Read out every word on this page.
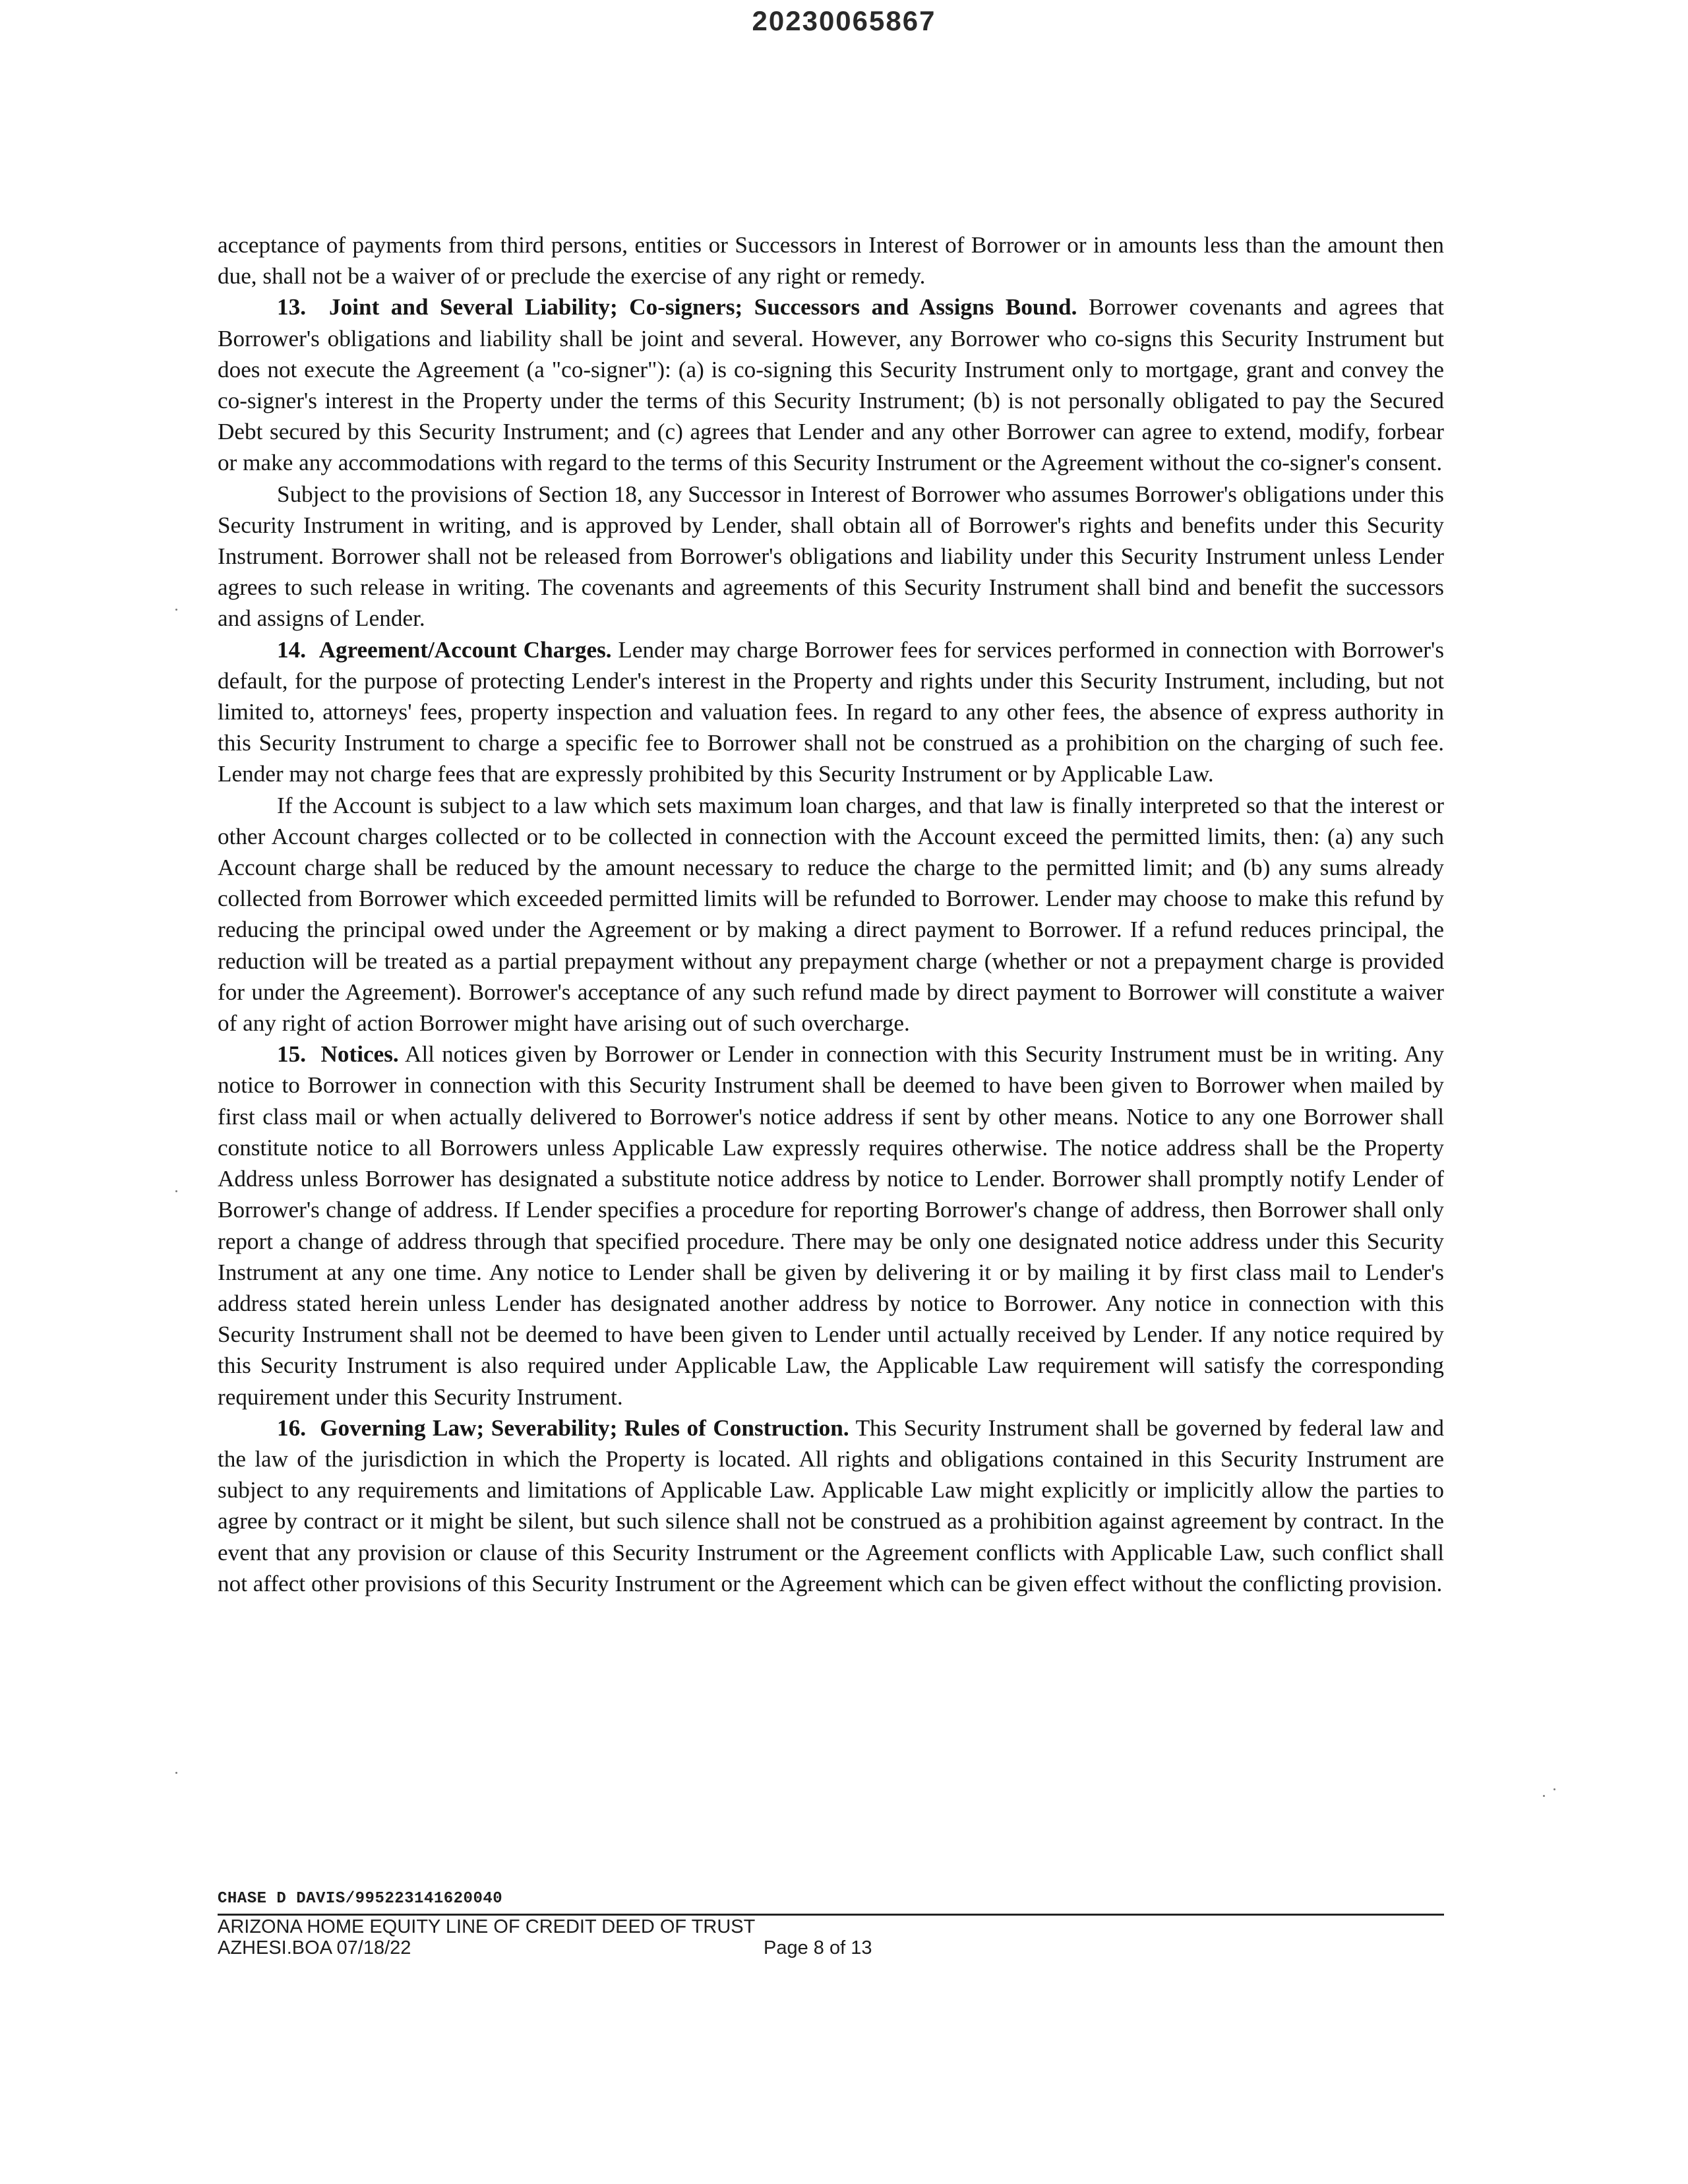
20230065867

acceptance of payments from third persons, entities or Successors in Interest of Borrower or in amounts less than the amount then due, shall not be a waiver of or preclude the exercise of any right or remedy.

13. Joint and Several Liability; Co-signers; Successors and Assigns Bound. Borrower covenants and agrees that Borrower's obligations and liability shall be joint and several. However, any Borrower who co-signs this Security Instrument but does not execute the Agreement (a "co-signer"): (a) is co-signing this Security Instrument only to mortgage, grant and convey the co-signer's interest in the Property under the terms of this Security Instrument; (b) is not personally obligated to pay the Secured Debt secured by this Security Instrument; and (c) agrees that Lender and any other Borrower can agree to extend, modify, forbear or make any accommodations with regard to the terms of this Security Instrument or the Agreement without the co-signer's consent.

Subject to the provisions of Section 18, any Successor in Interest of Borrower who assumes Borrower's obligations under this Security Instrument in writing, and is approved by Lender, shall obtain all of Borrower's rights and benefits under this Security Instrument. Borrower shall not be released from Borrower's obligations and liability under this Security Instrument unless Lender agrees to such release in writing. The covenants and agreements of this Security Instrument shall bind and benefit the successors and assigns of Lender.

14. Agreement/Account Charges. Lender may charge Borrower fees for services performed in connection with Borrower's default, for the purpose of protecting Lender's interest in the Property and rights under this Security Instrument, including, but not limited to, attorneys' fees, property inspection and valuation fees. In regard to any other fees, the absence of express authority in this Security Instrument to charge a specific fee to Borrower shall not be construed as a prohibition on the charging of such fee. Lender may not charge fees that are expressly prohibited by this Security Instrument or by Applicable Law.

If the Account is subject to a law which sets maximum loan charges, and that law is finally interpreted so that the interest or other Account charges collected or to be collected in connection with the Account exceed the permitted limits, then: (a) any such Account charge shall be reduced by the amount necessary to reduce the charge to the permitted limit; and (b) any sums already collected from Borrower which exceeded permitted limits will be refunded to Borrower. Lender may choose to make this refund by reducing the principal owed under the Agreement or by making a direct payment to Borrower. If a refund reduces principal, the reduction will be treated as a partial prepayment without any prepayment charge (whether or not a prepayment charge is provided for under the Agreement). Borrower's acceptance of any such refund made by direct payment to Borrower will constitute a waiver of any right of action Borrower might have arising out of such overcharge.

15. Notices. All notices given by Borrower or Lender in connection with this Security Instrument must be in writing. Any notice to Borrower in connection with this Security Instrument shall be deemed to have been given to Borrower when mailed by first class mail or when actually delivered to Borrower's notice address if sent by other means. Notice to any one Borrower shall constitute notice to all Borrowers unless Applicable Law expressly requires otherwise. The notice address shall be the Property Address unless Borrower has designated a substitute notice address by notice to Lender. Borrower shall promptly notify Lender of Borrower's change of address. If Lender specifies a procedure for reporting Borrower's change of address, then Borrower shall only report a change of address through that specified procedure. There may be only one designated notice address under this Security Instrument at any one time. Any notice to Lender shall be given by delivering it or by mailing it by first class mail to Lender's address stated herein unless Lender has designated another address by notice to Borrower. Any notice in connection with this Security Instrument shall not be deemed to have been given to Lender until actually received by Lender. If any notice required by this Security Instrument is also required under Applicable Law, the Applicable Law requirement will satisfy the corresponding requirement under this Security Instrument.

16. Governing Law; Severability; Rules of Construction. This Security Instrument shall be governed by federal law and the law of the jurisdiction in which the Property is located. All rights and obligations contained in this Security Instrument are subject to any requirements and limitations of Applicable Law. Applicable Law might explicitly or implicitly allow the parties to agree by contract or it might be silent, but such silence shall not be construed as a prohibition against agreement by contract. In the event that any provision or clause of this Security Instrument or the Agreement conflicts with Applicable Law, such conflict shall not affect other provisions of this Security Instrument or the Agreement which can be given effect without the conflicting provision.

CHASE D DAVIS/995223141620040
ARIZONA HOME EQUITY LINE OF CREDIT DEED OF TRUST
AZHESI.BOA 07/18/22	Page 8 of 13
